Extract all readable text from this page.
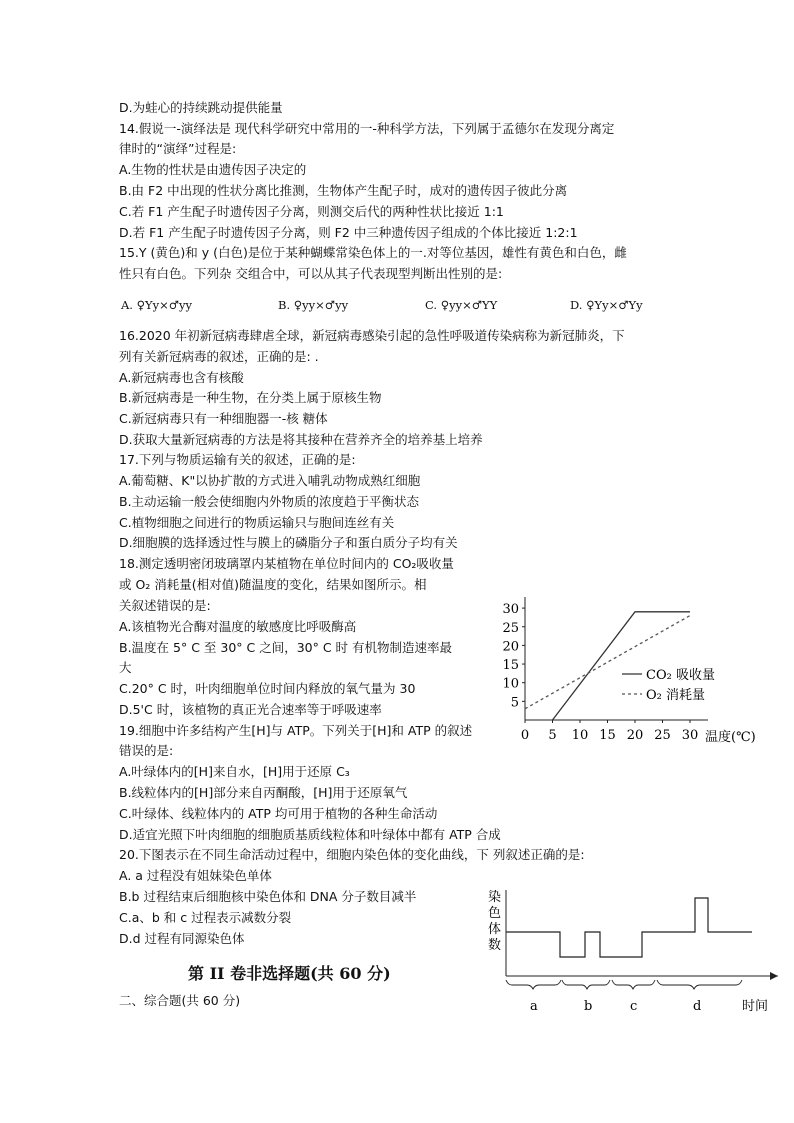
D.为蛙心的持续跳动提供能量
14.假说一-演绎法是 现代科学研究中常用的一-种科学方法，下列属于孟德尔在发现分离定
律时的“演绎”过程是:
A.生物的性状是由遗传因子决定的
B.由 F2 中出现的性状分离比推测，生物体产生配子时，成对的遗传因子彼此分离
C.若 F1 产生配子时遗传因子分离，则测交后代的两种性状比接近 1:1
D.若 F1 产生配子时遗传因子分离，则 F2 中三种遗传因子组成的个体比接近 1:2:1
15.Y (黄色)和 y (白色)是位于某种蝴蝶常染色体上的一.对等位基因，雄性有黄色和白色，雌
性只有白色。下列杂 交组合中，可以从其子代表现型判断出性别的是:
A. ♀Yy×♂yy	B. ♀yy×♂yy	C. ♀yy×♂YY	D. ♀Yy×♂Yy
16.2020 年初新冠病毒肆虐全球，新冠病毒感染引起的急性呼吸道传染病称为新冠肺炎，下
列有关新冠病毒的叙述，正确的是: .
A.新冠病毒也含有核酸
B.新冠病毒是一种生物，在分类上属于原核生物
C.新冠病毒只有一种细胞器一-核 糖体
D.获取大量新冠病毒的方法是将其接种在营养齐全的培养基上培养
17.下列与物质运输有关的叙述，正确的是:
A.葡萄糖、K"以协扩散的方式进入哺乳动物成熟红细胞
B.主动运输一般会使细胞内外物质的浓度趋于平衡状态
C.植物细胞之间进行的物质运输只与胞间连丝有关
D.细胞膜的选择透过性与膜上的磷脂分子和蛋白质分子均有关
18.测定透明密闭玻璃罩内某植物在单位时间内的 CO₂吸收量
或 O₂ 消耗量(相对值)随温度的变化，结果如图所示。相
关叙述错误的是:
A.该植物光合酶对温度的敏感度比呼吸酶高
B.温度在 5° C 至 30° C 之间，30° C 时 有机物制造速率最
大
C.20° C 时，叶肉细胞单位时间内释放的氧气量为 30
D.5'C 时，该植物的真正光合速率等于呼吸速率
19.细胞中许多结构产生[H]与 ATP。下列关于[H]和 ATP 的叙述
错误的是:
A.叶绿体内的[H]来自水，[H]用于还原 C₃
B.线粒体内的[H]部分来自丙酮酸，[H]用于还原氧气
C.叶绿体、线粒体内的 ATP 均可用于植物的各种生命活动
D.适宜光照下叶肉细胞的细胞质基质线粒体和叶绿体中都有 ATP 合成
20.下图表示在不同生命活动过程中，细胞内染色体的变化曲线，下 列叙述正确的是:
A. a 过程没有姐妹染色单体
B.b 过程结束后细胞核中染色体和 DNA 分子数目减半
C.a、b 和 c 过程表示减数分裂
D.d 过程有同源染色体
第 II 卷非选择题(共 60 分)
二、综合题(共 60 分)
5
10
15
20
25
30
0 5 10 15 20 25 30
CO₂ 吸收量
O₂ 消耗量
温度(℃)
染
色
体
数
a	b	c	d	时间
